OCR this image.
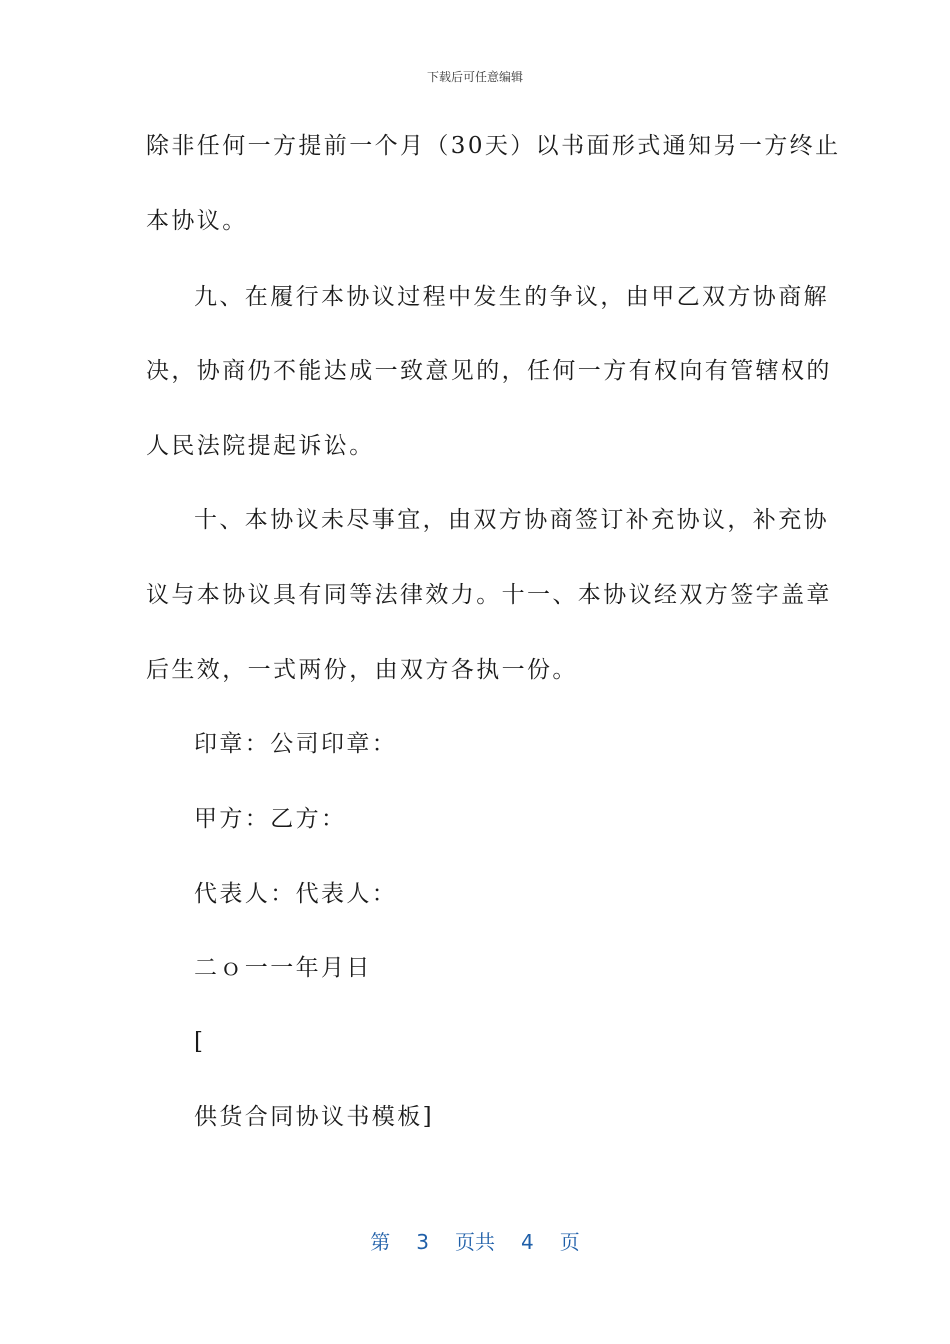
下载后可任意编辑
除非任何一方提前一个月（30天）以书面形式通知另一方终止
本协议。
九、在履行本协议过程中发生的争议，由甲乙双方协商解
决，协商仍不能达成一致意见的，任何一方有权向有管辖权的
人民法院提起诉讼。
十、本协议未尽事宜，由双方协商签订补充协议，补充协
议与本协议具有同等法律效力。十一、本协议经双方签字盖章
后生效，一式两份，由双方各执一份。
印章：公司印章：
甲方：乙方：
代表人：代表人：
二ｏ一一年月日
[
供货合同协议书模板]
第 3 页共 4 页
